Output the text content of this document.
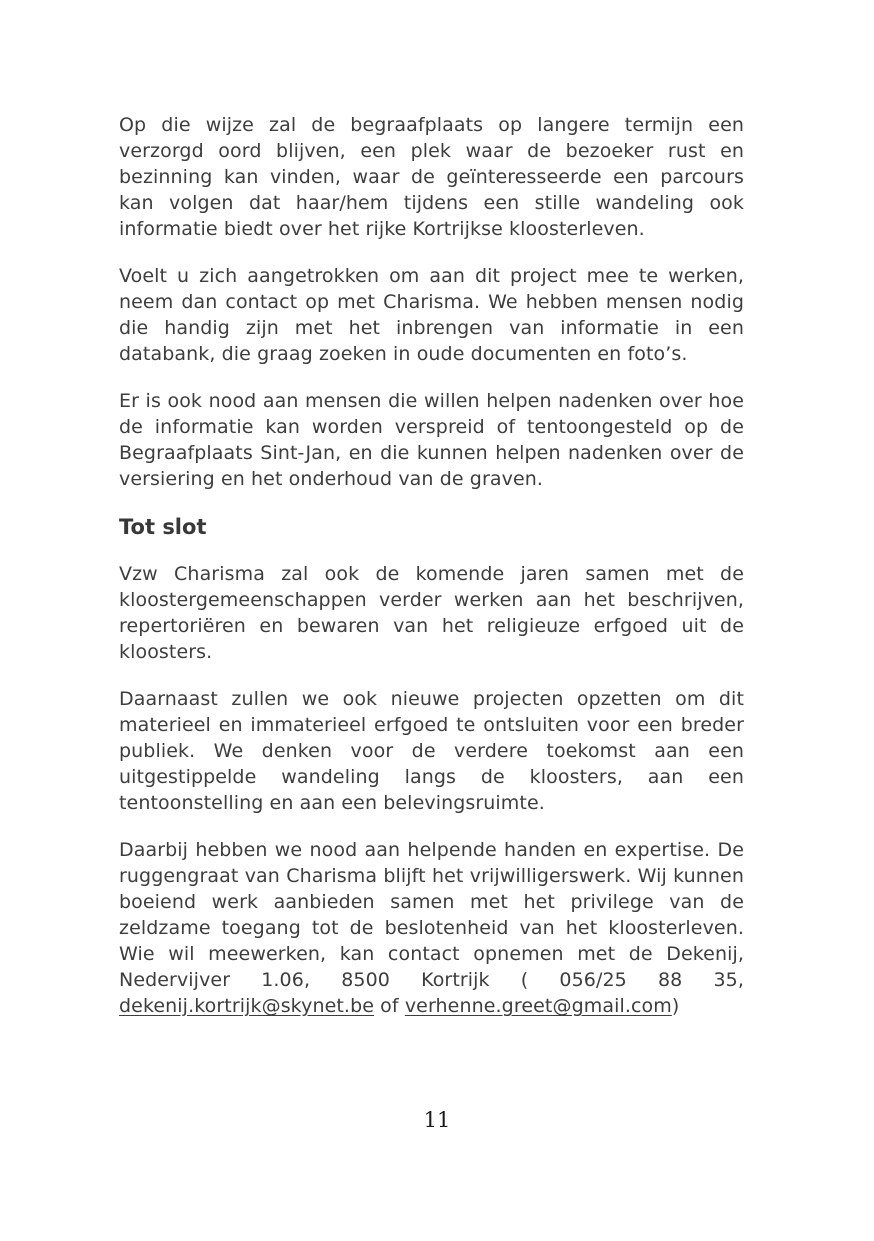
Op die wijze zal de begraafplaats op langere termijn een verzorgd oord blijven, een plek waar de bezoeker rust en bezinning kan vinden, waar de geïnteresseerde een parcours kan volgen dat haar/hem tijdens een stille wandeling ook informatie biedt over het rijke Kortrijkse kloosterleven.

Voelt u zich aangetrokken om aan dit project mee te werken, neem dan contact op met Charisma. We hebben mensen nodig die handig zijn met het inbrengen van informatie in een databank, die graag zoeken in oude documenten en foto’s.

Er is ook nood aan mensen die willen helpen nadenken over hoe de informatie kan worden verspreid of tentoongesteld op de Begraafplaats Sint-Jan, en die kunnen helpen nadenken over de versiering en het onderhoud van de graven.

Tot slot

Vzw Charisma zal ook de komende jaren samen met de kloostergemeenschappen verder werken aan het beschrijven, repertoriëren en bewaren van het religieuze erfgoed uit de kloosters.

Daarnaast zullen we ook nieuwe projecten opzetten om dit materieel en immaterieel erfgoed te ontsluiten voor een breder publiek. We denken voor de verdere toekomst aan een uitgestippelde wandeling langs de kloosters, aan een tentoonstelling en aan een belevingsruimte.

Daarbij hebben we nood aan helpende handen en expertise. De ruggengraat van Charisma blijft het vrijwilligerswerk. Wij kunnen boeiend werk aanbieden samen met het privilege van de zeldzame toegang tot de beslotenheid van het kloosterleven. Wie wil meewerken, kan contact opnemen met de Dekenij, Nedervijver 1.06, 8500 Kortrijk ( 056/25 88 35, dekenij.kortrijk@skynet.be of verhenne.greet@gmail.com)

11
